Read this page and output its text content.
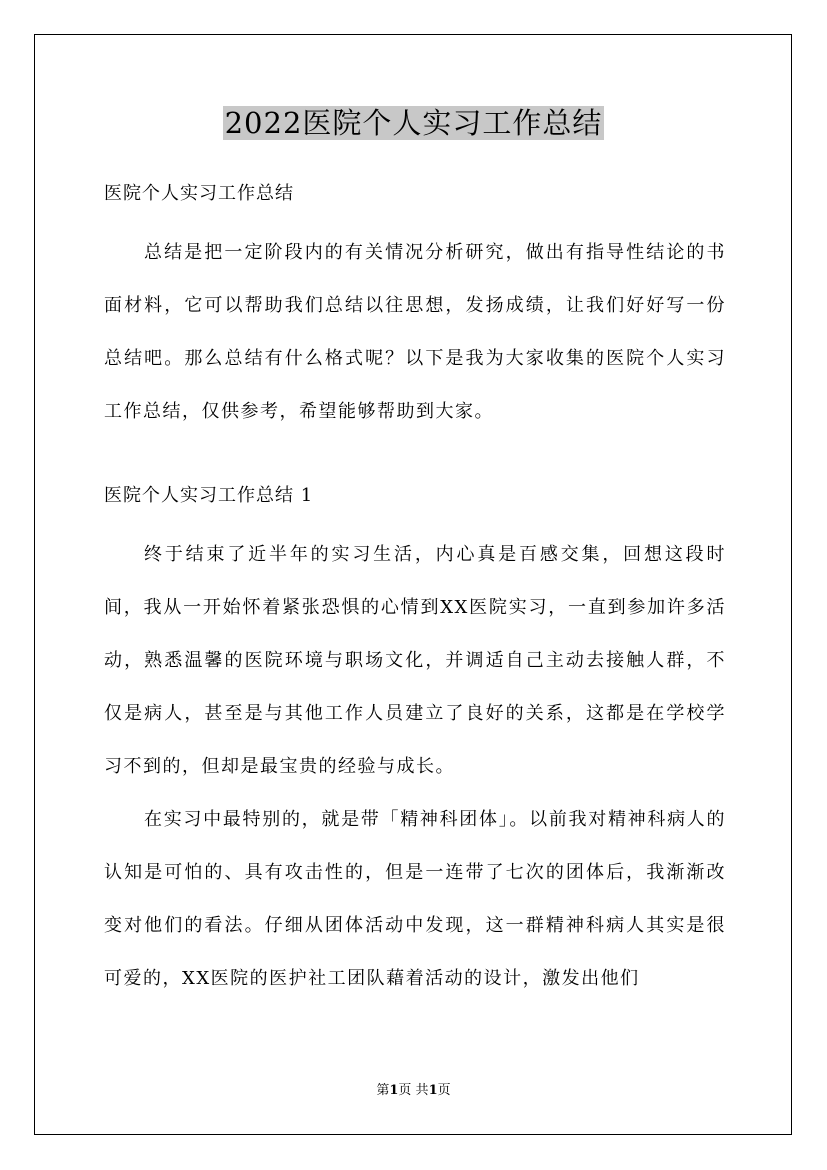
2022医院个人实习工作总结

医院个人实习工作总结

总结是把一定阶段内的有关情况分析研究，做出有指导性结论的书面材料，它可以帮助我们总结以往思想，发扬成绩，让我们好好写一份总结吧。那么总结有什么格式呢？以下是我为大家收集的医院个人实习工作总结，仅供参考，希望能够帮助到大家。

医院个人实习工作总结 1

终于结束了近半年的实习生活，内心真是百感交集，回想这段时间，我从一开始怀着紧张恐惧的心情到XX医院实习，一直到参加许多活动，熟悉温馨的医院环境与职场文化，并调适自己主动去接触人群，不仅是病人，甚至是与其他工作人员建立了良好的关系，这都是在学校学习不到的，但却是最宝贵的经验与成长。

在实习中最特别的，就是带「精神科团体」。以前我对精神科病人的认知是可怕的、具有攻击性的，但是一连带了七次的团体后，我渐渐改变对他们的看法。仔细从团体活动中发现，这一群精神科病人其实是很可爱的，XX医院的医护社工团队藉着活动的设计，激发出他们

第1页 共1页
